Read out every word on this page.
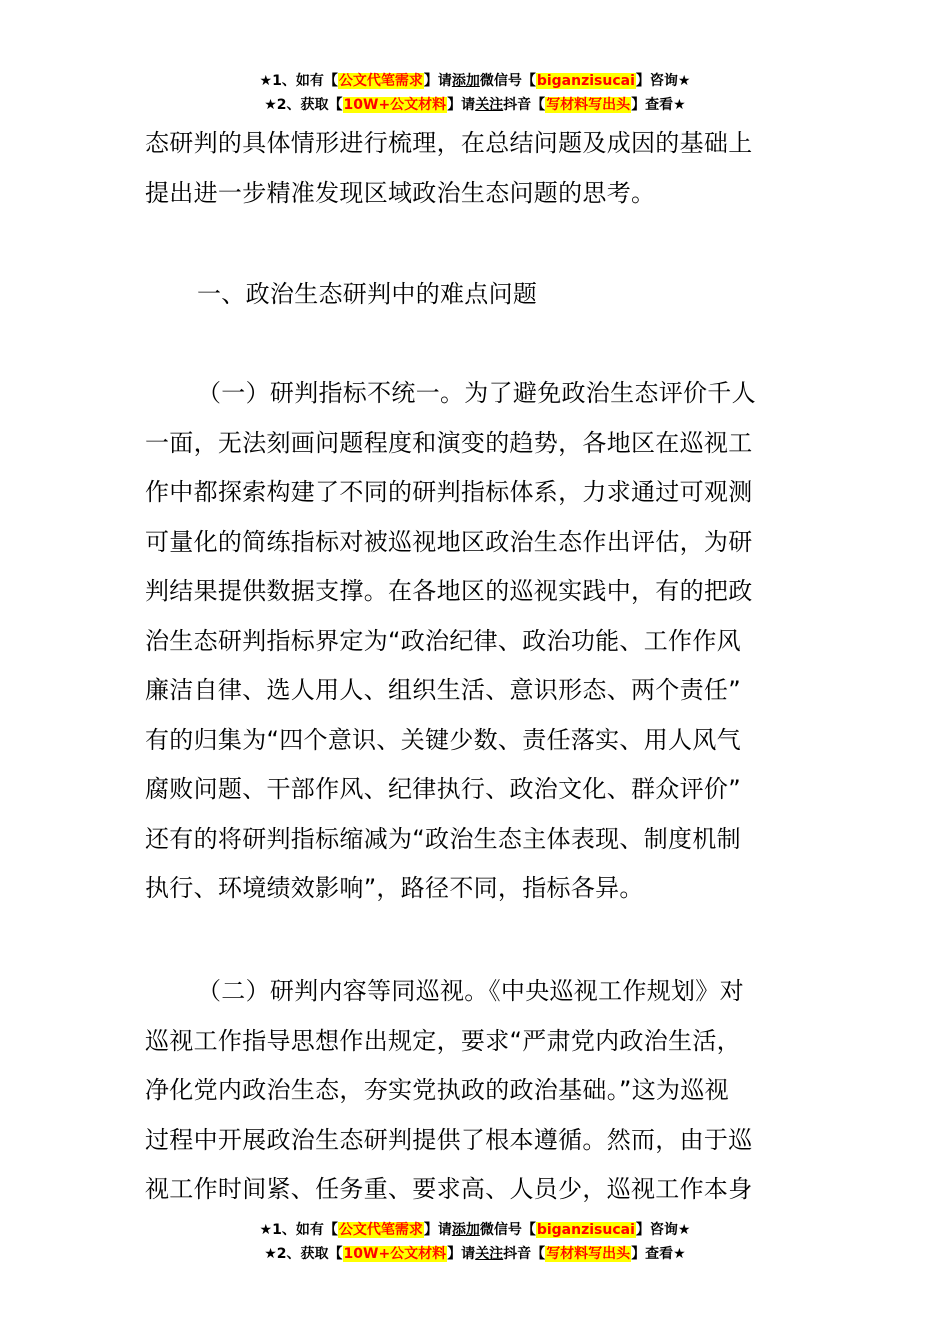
★1、如有【公文代笔需求】请添加微信号【biganzisucai】咨询★
★2、获取【10W+公文材料】请关注抖音【写材料写出头】查看★
态研判的具体情形进行梳理，在总结问题及成因的基础上
提出进一步精准发现区域政治生态问题的思考。
一、政治生态研判中的难点问题
（一）研判指标不统一。为了避免政治生态评价千人
一面，无法刻画问题程度和演变的趋势，各地区在巡视工
作中都探索构建了不同的研判指标体系，力求通过可观测
可量化的简练指标对被巡视地区政治生态作出评估，为研
判结果提供数据支撑。在各地区的巡视实践中，有的把政
治生态研判指标界定为“政治纪律、政治功能、工作作风
廉洁自律、选人用人、组织生活、意识形态、两个责任”
有的归集为“四个意识、关键少数、责任落实、用人风气
腐败问题、干部作风、纪律执行、政治文化、群众评价”
还有的将研判指标缩减为“政治生态主体表现、制度机制
执行、环境绩效影响”，路径不同，指标各异。
（二）研判内容等同巡视。《中央巡视工作规划》对
巡视工作指导思想作出规定，要求“严肃党内政治生活，
净化党内政治生态，夯实党执政的政治基础。”这为巡视
过程中开展政治生态研判提供了根本遵循。然而，由于巡
视工作时间紧、任务重、要求高、人员少，巡视工作本身
★1、如有【公文代笔需求】请添加微信号【biganzisucai】咨询★
★2、获取【10W+公文材料】请关注抖音【写材料写出头】查看★
